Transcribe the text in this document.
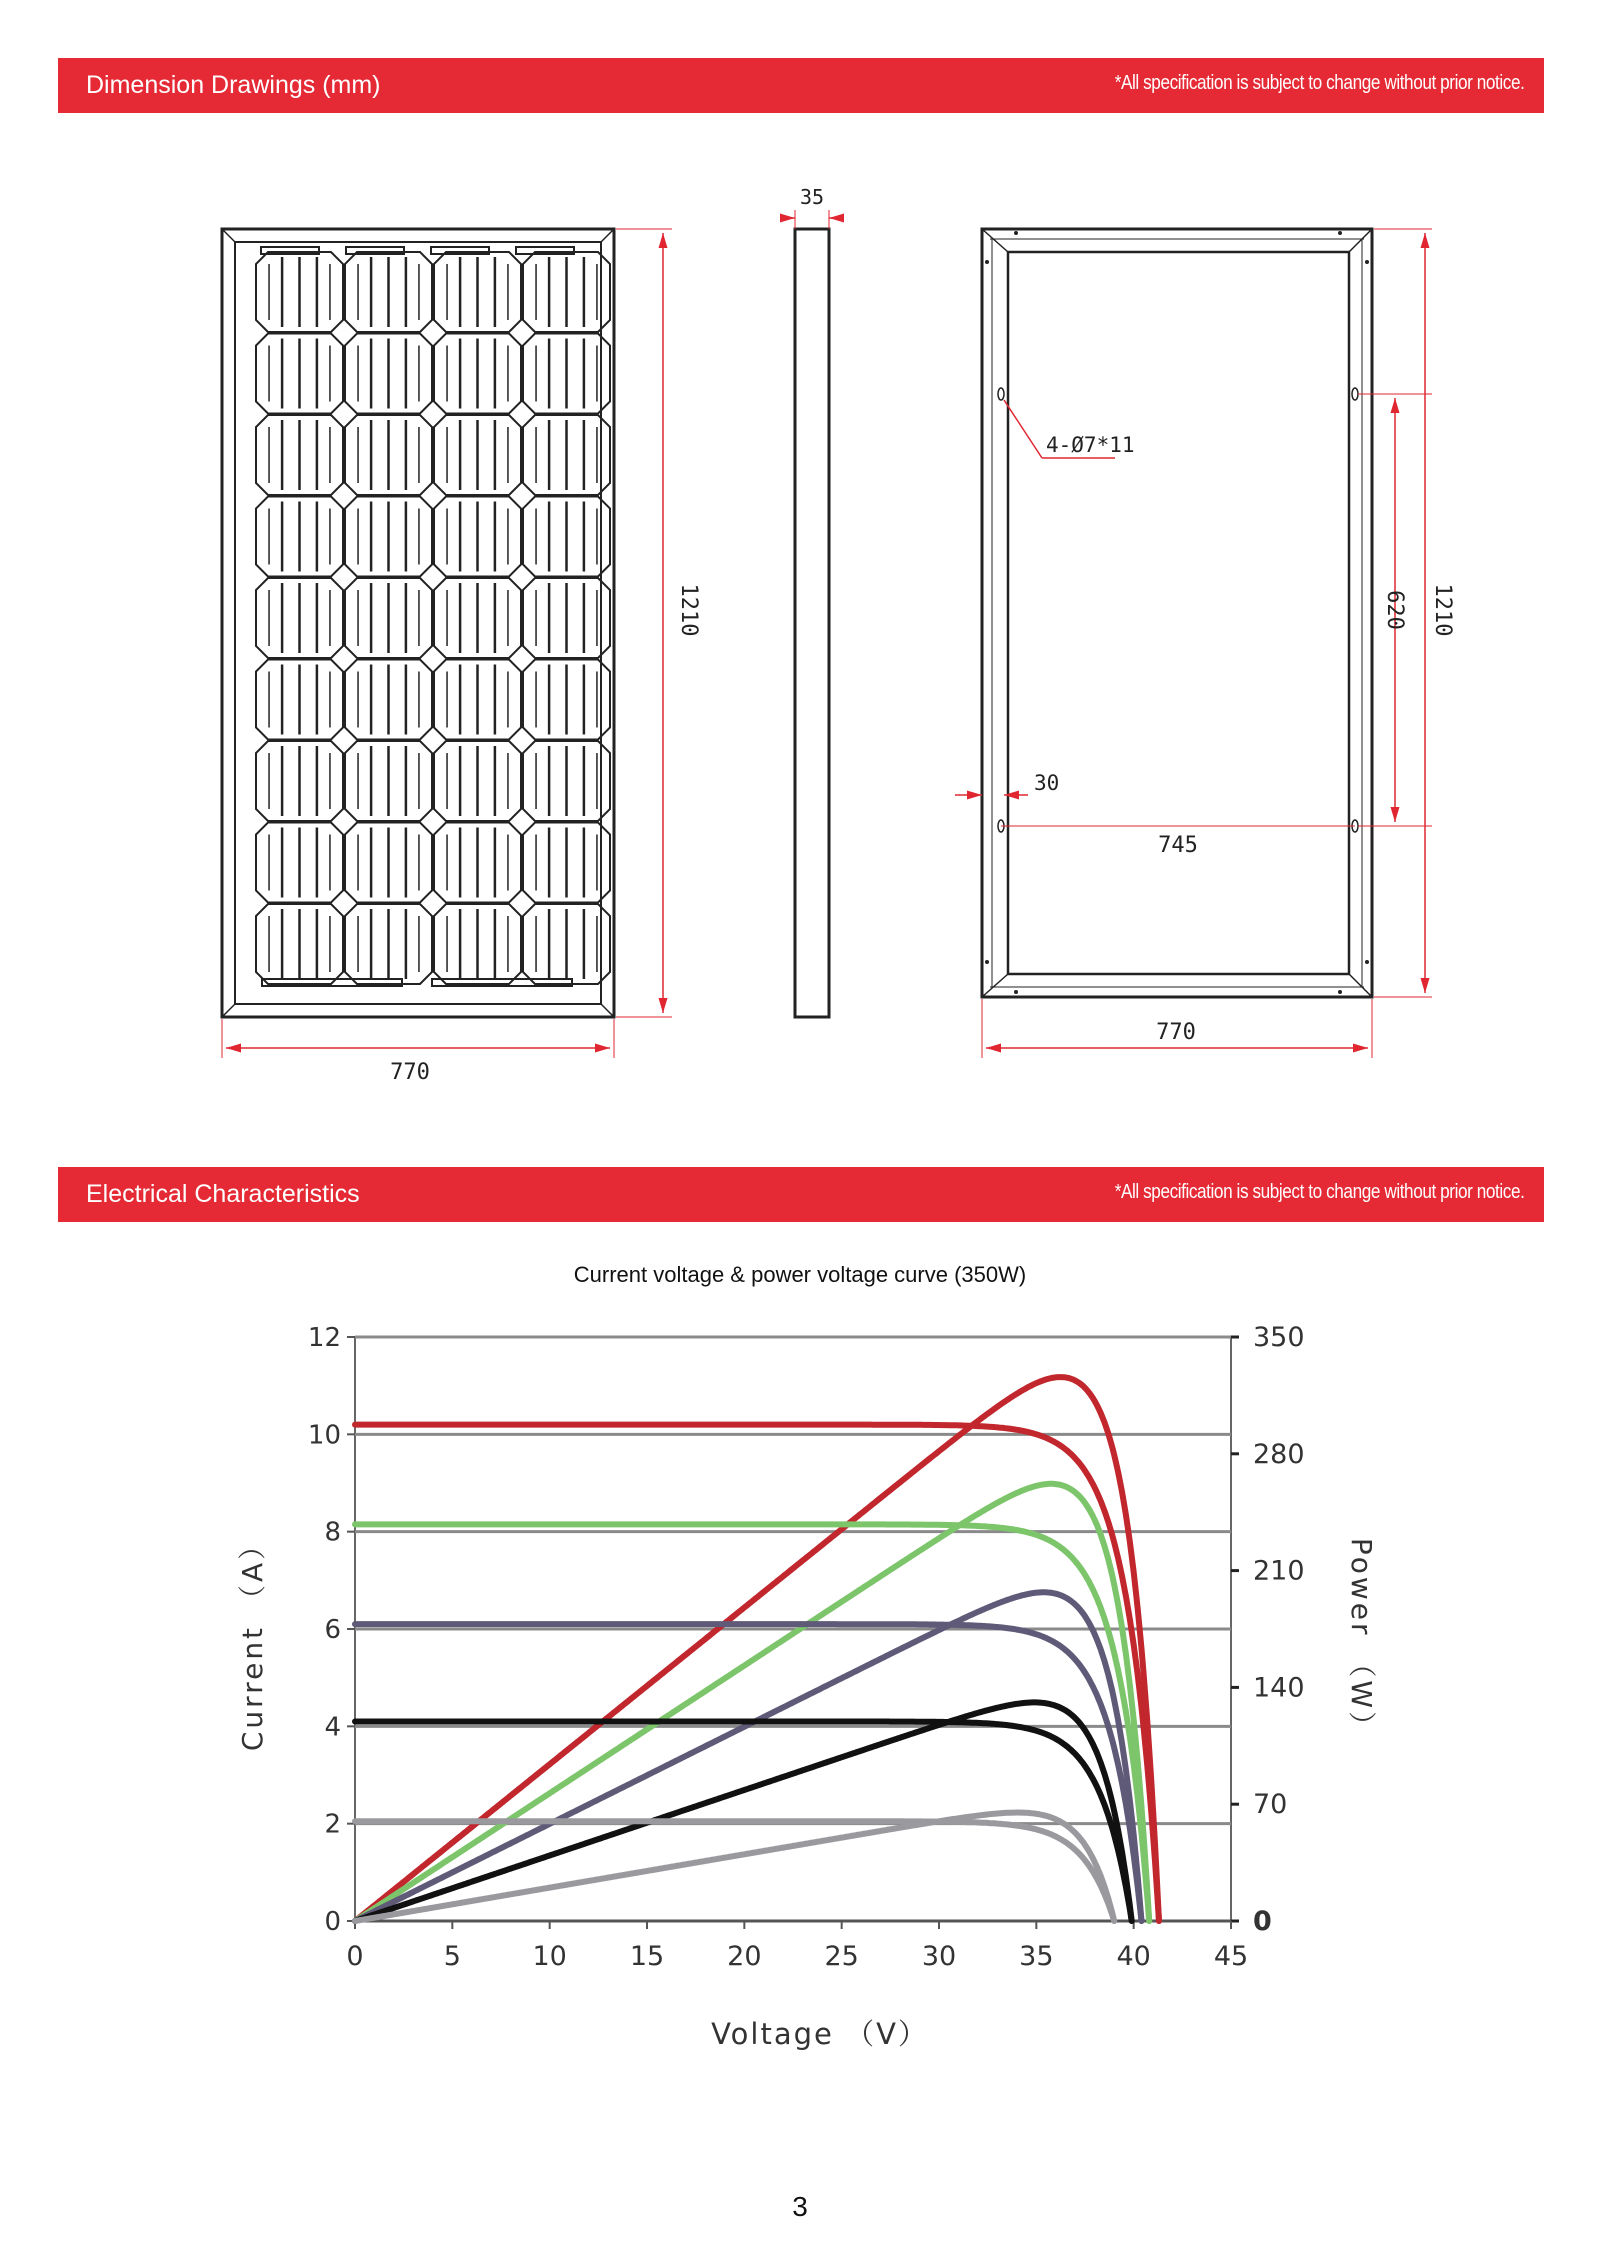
Dimension Drawings (mm)	*All specification is subject to change without prior notice.
Electrical Characteristics	*All specification is subject to change without prior notice.
1210
770
35
4-Ø7*11
620 1210
30
745
770
0
2
4
6
8
10
12
0
70
140
210
280
350
0	5	10 15 20 25 30 35 40 45
Current （A）	Power （W）
Voltage （V）
Current voltage & power voltage curve (350W)
3
